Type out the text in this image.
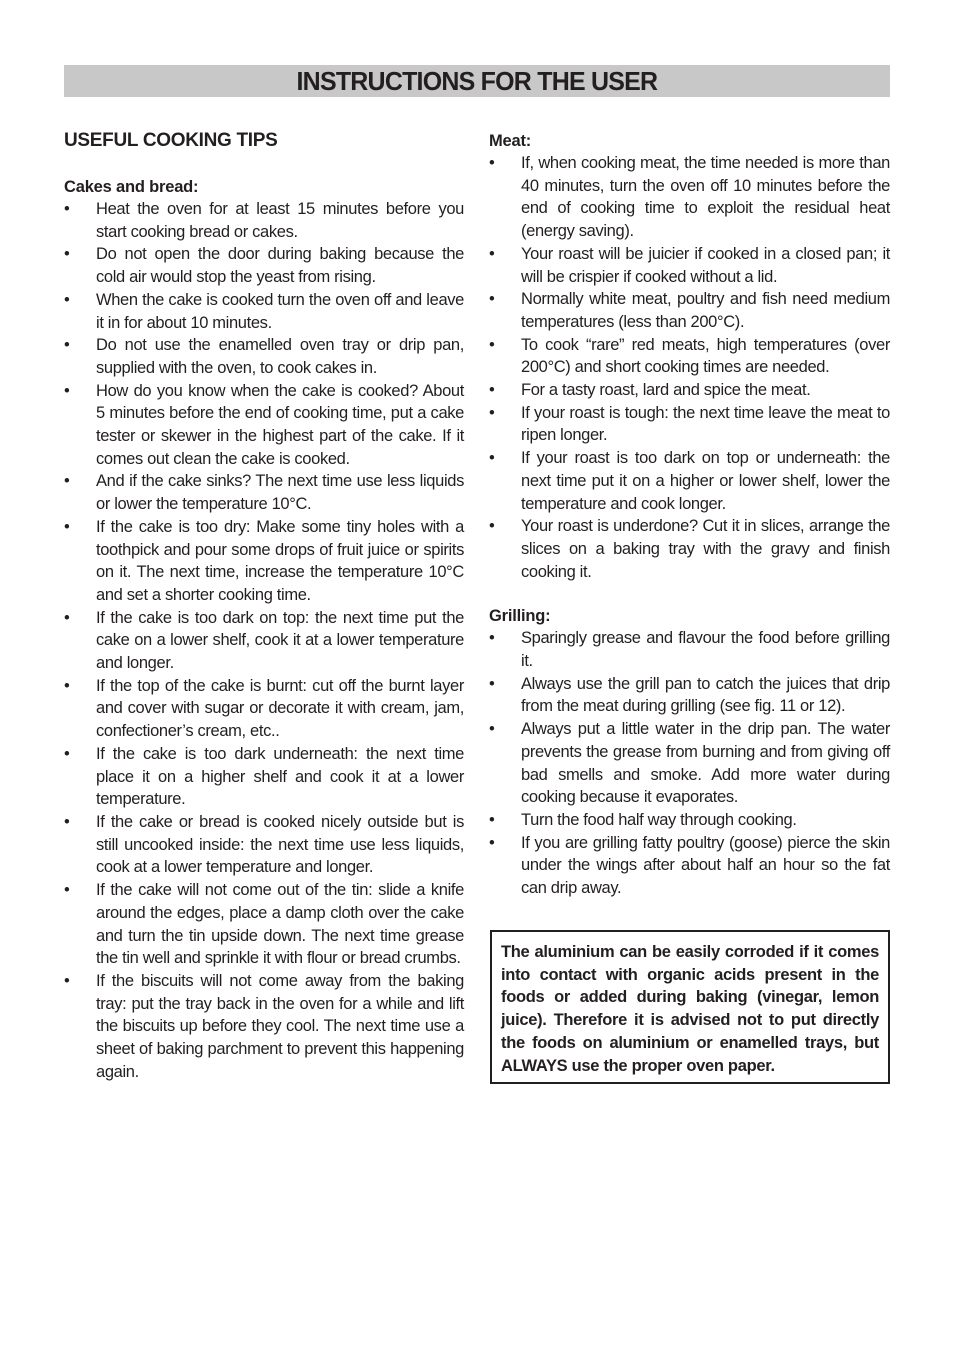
INSTRUCTIONS FOR THE USER
USEFUL COOKING TIPS
Cakes and bread:
• Heat the oven for at least 15 minutes before you start cooking bread or cakes.
• Do not open the door during baking because the cold air would stop the yeast from rising.
• When the cake is cooked turn the oven off and leave it in for about 10 minutes.
• Do not use the enamelled oven tray or drip pan, supplied with the oven, to cook cakes in.
• How do you know when the cake is cooked? About 5 minutes before the end of cooking time, put a cake tester or skewer in the highest part of the cake. If it comes out clean the cake is cooked.
• And if the cake sinks? The next time use less liquids or lower the temperature 10°C.
• If the cake is too dry: Make some tiny holes with a toothpick and pour some drops of fruit juice or spirits on it. The next time, increase the temperature 10°C and set a shorter cooking time.
• If the cake is too dark on top: the next time put the cake on a lower shelf, cook it at a lower temperature and longer.
• If the top of the cake is burnt: cut off the burnt layer and cover with sugar or decorate it with cream, jam, confectioner’s cream, etc..
• If the cake is too dark underneath: the next time place it on a higher shelf and cook it at a lower temperature.
• If the cake or bread is cooked nicely outside but is still uncooked inside: the next time use less liquids, cook at a lower temperature and longer.
• If the cake will not come out of the tin: slide a knife around the edges, place a damp cloth over the cake and turn the tin upside down. The next time grease the tin well and sprinkle it with flour or bread crumbs.
• If the biscuits will not come away from the baking tray: put the tray back in the oven for a while and lift the biscuits up before they cool. The next time use a sheet of baking parchment to prevent this happening again.
Meat:
• If, when cooking meat, the time needed is more than 40 minutes, turn the oven off 10 minutes before the end of cooking time to exploit the residual heat (energy saving).
• Your roast will be juicier if cooked in a closed pan; it will be crispier if cooked without a lid.
• Normally white meat, poultry and fish need medium temperatures (less than 200°C).
• To cook “rare” red meats, high temperatures (over 200°C) and short cooking times are needed.
• For a tasty roast, lard and spice the meat.
• If your roast is tough: the next time leave the meat to ripen longer.
• If your roast is too dark on top or underneath: the next time put it on a higher or lower shelf, lower the temperature and cook longer.
• Your roast is underdone? Cut it in slices, arrange the slices on a baking tray with the gravy and finish cooking it.
Grilling:
• Sparingly grease and flavour the food before grilling it.
• Always use the grill pan to catch the juices that drip from the meat during grilling (see fig. 11 or 12).
• Always put a little water in the drip pan. The water prevents the grease from burning and from giving off bad smells and smoke. Add more water during cooking because it evaporates.
• Turn the food half way through cooking.
• If you are grilling fatty poultry (goose) pierce the skin under the wings after about half an hour so the fat can drip away.
The aluminium can be easily corroded if it comes into contact with organic acids present in the foods or added during baking (vinegar, lemon juice). Therefore it is advised not to put directly the foods on aluminium or enamelled trays, but ALWAYS use the proper oven paper.
